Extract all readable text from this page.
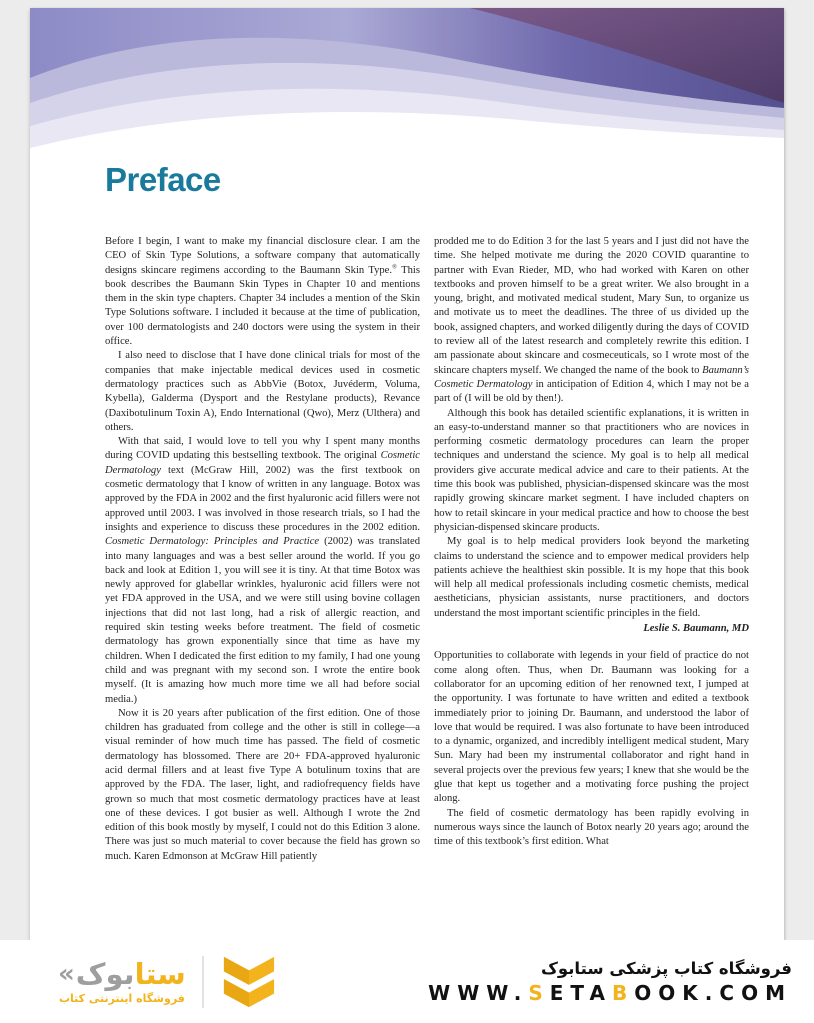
Preface

Before I begin, I want to make my financial disclosure clear. I am the CEO of Skin Type Solutions, a software company that automatically designs skincare regimens according to the Baumann Skin Type.® This book describes the Baumann Skin Types in Chapter 10 and mentions them in the skin type chapters. Chapter 34 includes a mention of the Skin Type Solutions software. I included it because at the time of publication, over 100 dermatologists and 240 doctors were using the system in their office.

I also need to disclose that I have done clinical trials for most of the companies that make injectable medical devices used in cosmetic dermatology practices such as AbbVie (Botox, Juvéderm, Voluma, Kybella), Galderma (Dysport and the Restylane products), Revance (Daxibotulinum Toxin A), Endo International (Qwo), Merz (Ulthera) and others.

With that said, I would love to tell you why I spent many months during COVID updating this bestselling textbook. The original Cosmetic Dermatology text (McGraw Hill, 2002) was the first textbook on cosmetic dermatology that I know of written in any language. Botox was approved by the FDA in 2002 and the first hyaluronic acid fillers were not approved until 2003. I was involved in those research trials, so I had the insights and experience to discuss these procedures in the 2002 edition. Cosmetic Dermatology: Principles and Practice (2002) was translated into many languages and was a best seller around the world. If you go back and look at Edition 1, you will see it is tiny. At that time Botox was newly approved for glabellar wrinkles, hyaluronic acid fillers were not yet FDA approved in the USA, and we were still using bovine collagen injections that did not last long, had a risk of allergic reaction, and required skin testing weeks before treatment. The field of cosmetic dermatology has grown exponentially since that time as have my children. When I dedicated the first edition to my family, I had one young child and was pregnant with my second son. I wrote the entire book myself. (It is amazing how much more time we all had before social media.)

Now it is 20 years after publication of the first edition. One of those children has graduated from college and the other is still in college—a visual reminder of how much time has passed. The field of cosmetic dermatology has blossomed. There are 20+ FDA-approved hyaluronic acid dermal fillers and at least five Type A botulinum toxins that are approved by the FDA. The laser, light, and radiofrequency fields have grown so much that most cosmetic dermatology practices have at least one of these devices. I got busier as well. Although I wrote the 2nd edition of this book mostly by myself, I could not do this Edition 3 alone. There was just so much material to cover because the field has grown so much. Karen Edmonson at McGraw Hill patiently

prodded me to do Edition 3 for the last 5 years and I just did not have the time. She helped motivate me during the 2020 COVID quarantine to partner with Evan Rieder, MD, who had worked with Karen on other textbooks and proven himself to be a great writer. We also brought in a young, bright, and motivated medical student, Mary Sun, to organize us and motivate us to meet the deadlines. The three of us divided up the book, assigned chapters, and worked diligently during the days of COVID to review all of the latest research and completely rewrite this edition. I am passionate about skincare and cosmeceuticals, so I wrote most of the skincare chapters myself. We changed the name of the book to Baumann’s Cosmetic Dermatology in anticipation of Edition 4, which I may not be a part of (I will be old by then!).

Although this book has detailed scientific explanations, it is written in an easy-to-understand manner so that practitioners who are novices in performing cosmetic dermatology procedures can learn the proper techniques and understand the science. My goal is to help all medical providers give accurate medical advice and care to their patients. At the time this book was published, physician-dispensed skincare was the most rapidly growing skincare market segment. I have included chapters on how to retail skincare in your medical practice and how to choose the best physician-dispensed skincare products.

My goal is to help medical providers look beyond the marketing claims to understand the science and to empower medical providers help patients achieve the healthiest skin possible. It is my hope that this book will help all medical professionals including cosmetic chemists, medical aestheticians, physician assistants, nurse practitioners, and doctors understand the most important scientific principles in the field.

Leslie S. Baumann, MD

Opportunities to collaborate with legends in your field of practice do not come along often. Thus, when Dr. Baumann was looking for a collaborator for an upcoming edition of her renowned text, I jumped at the opportunity. I was fortunate to have written and edited a textbook immediately prior to joining Dr. Baumann, and understood the labor of love that would be required. I was also fortunate to have been introduced to a dynamic, organized, and incredibly intelligent medical student, Mary Sun. Mary had been my instrumental collaborator and right hand in several projects over the previous few years; I knew that she would be the glue that kept us together and a motivating force pushing the project along.

The field of cosmetic dermatology has been rapidly evolving in numerous ways since the launch of Botox nearly 20 years ago; around the time of this textbook’s first edition. What

« بوک ستا
فروشگاه اینترنتی کتاب
فروشگاه کتاب پزشکی ستابوک
WWW.SETABOOK.COM
